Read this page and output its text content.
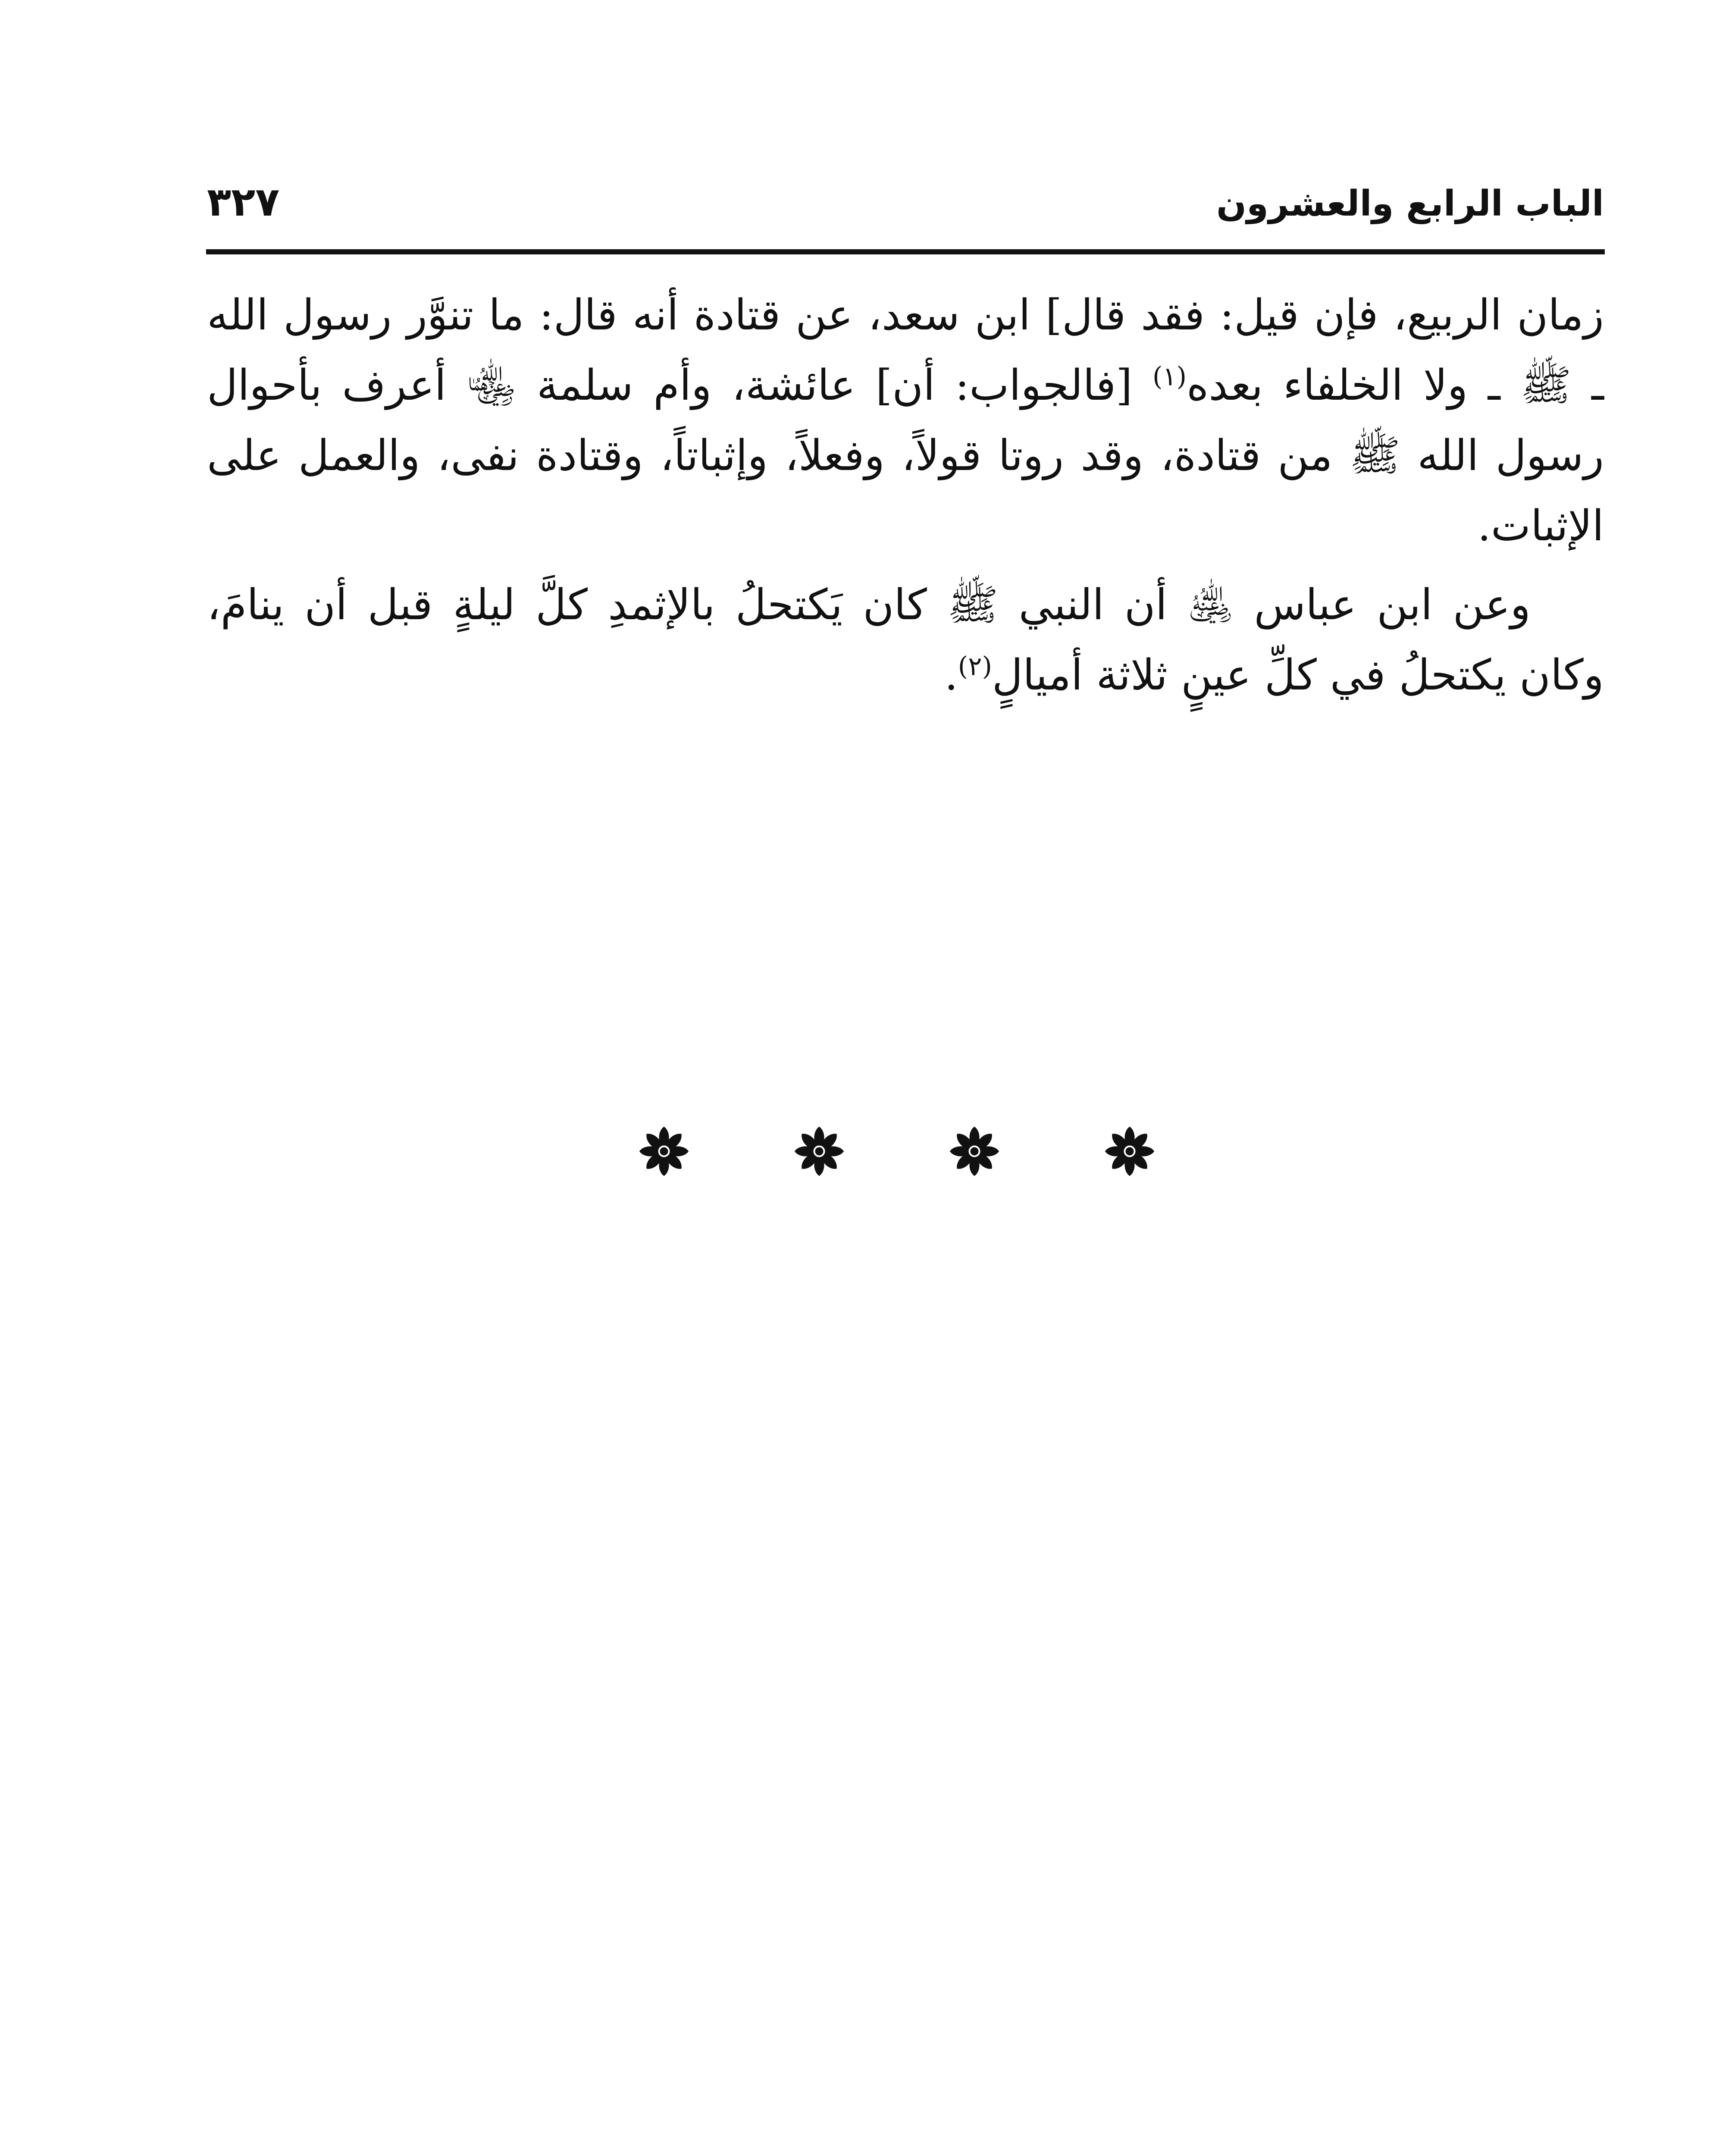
الباب الرابع والعشرون
٣٢٧

زمان الربيع، فإن قيل: فقد قال] ابن سعد، عن قتادة أنه قال: ما تنوَّر رسول الله ـ ﷺ ـ ولا الخلفاء بعده$^{(١)}$ [فالجواب: أن] عائشة، وأم سلمة ﵄ أعرف بأحوال رسول الله ﷺ من قتادة، وقد روتا قولاً، وفعلاً، وإثباتاً، وقتادة نفى، والعمل على الإثبات.

وعن ابن عباس ﵁ أن النبي ﷺ كان يَكتحلُ بالإثمدِ كلَّ ليلةٍ قبل أن ينامَ، وكان يكتحلُ في كلِّ عينٍ ثلاثة أميالٍ$^{(٢)}$.
